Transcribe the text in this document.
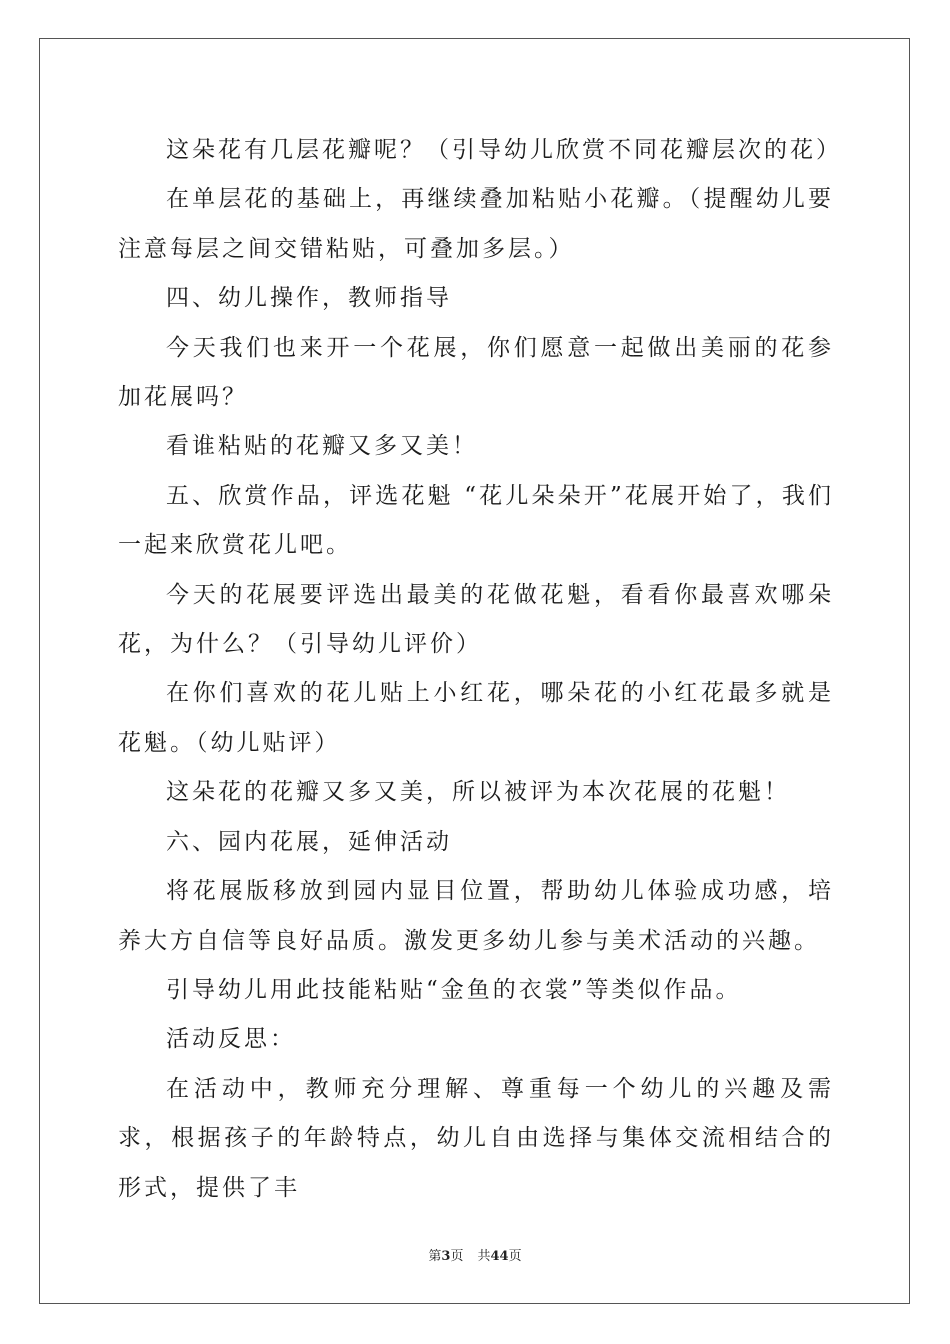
这朵花有几层花瓣呢？（引导幼儿欣赏不同花瓣层次的花）

在单层花的基础上，再继续叠加粘贴小花瓣。（提醒幼儿要注意每层之间交错粘贴，可叠加多层。）

四、幼儿操作，教师指导

今天我们也来开一个花展，你们愿意一起做出美丽的花参加花展吗？

看谁粘贴的花瓣又多又美！

五、欣赏作品，评选花魁 “花儿朵朵开”花展开始了，我们一起来欣赏花儿吧。

今天的花展要评选出最美的花做花魁，看看你最喜欢哪朵花，为什么？（引导幼儿评价）

在你们喜欢的花儿贴上小红花，哪朵花的小红花最多就是花魁。（幼儿贴评）

这朵花的花瓣又多又美，所以被评为本次花展的花魁！

六、园内花展，延伸活动

将花展版移放到园内显目位置，帮助幼儿体验成功感，培养大方自信等良好品质。激发更多幼儿参与美术活动的兴趣。

引导幼儿用此技能粘贴“金鱼的衣裳”等类似作品。

活动反思：

在活动中，教师充分理解、尊重每一个幼儿的兴趣及需求，根据孩子的年龄特点，幼儿自由选择与集体交流相结合的形式，提供了丰

第3页 共44页
